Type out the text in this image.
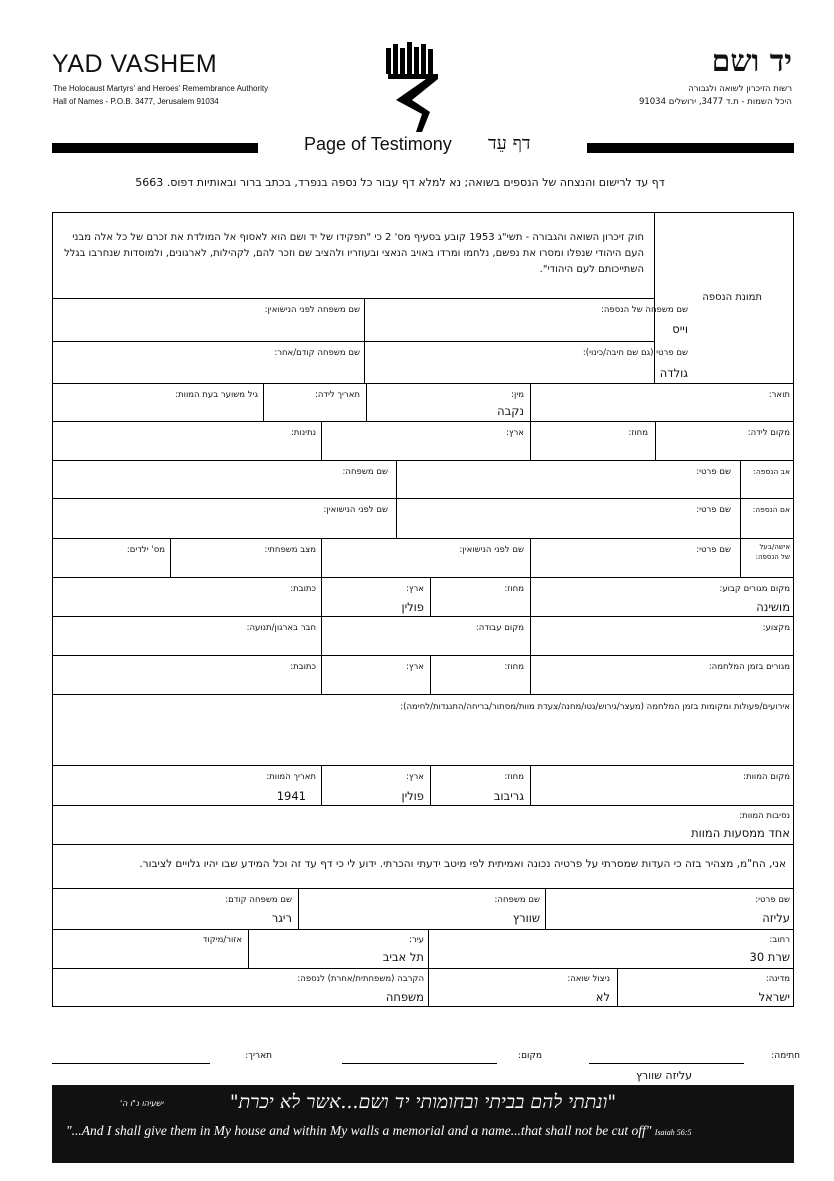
YAD VASHEM
The Holocaust Martyrs' and Heroes' Remembrance Authority
Hall of Names - P.O.B. 3477, Jerusalem 91034
יד ושם
רשות הזיכרון לשואה ולגבורה
היכל השמות - ת.ד 3477, ירושלים 91034
Page of Testimony דף עֵד
דף עד לרישום והנצחה של הנספים בשואה; נא למלא דף עבור כל נספה בנפרד, בכתב ברור ובאותיות דפוס. 5663
חוק זיכרון השואה והגבורה - תשי"ג 1953 קובע בסעיף מס' 2 כי "תפקידו של יד ושם הוא לאסוף אל המולדת את זכרם של כל אלה מבני העם היהודי שנפלו ומסרו את נפשם, נלחמו ומרדו באויב הנאצי ובעוזריו ולהציב שם וזכר להם, לקהילות, לארגונים, ולמוסדות שנחרבו בגלל השתייכותם לעם היהודי".
תמונת הנספה
שם משפחה של הנספה:
וייס
שם משפחה לפני הנישואין:
שם פרטי (גם שם חיבה/כינוי):
גולדה
שם משפחה קודם/אחר:
תואר:
מין:
נקבה
תאריך לידה:
גיל משוער בעת המוות:
מקום לידה:
מחוז:
ארץ:
נתינות:
אב הנספה:
שם פרטי:
שם משפחה:
אם הנספה:
שם פרטי:
שם לפני הנישואין:
אישה/בעל
של הנספה:
שם פרטי:
שם לפני הנישואין:
מצב משפחתי:
מס' ילדים:
מקום מגורים קבוע:
מושינה
מחוז:
ארץ:
פולין
כתובת:
מקצוע:
מקום עבודה:
חבר בארגון/תנועה:
מגורים בזמן המלחמה:
מחוז:
ארץ:
כתובת:
אירועים/פעולות ומקומות בזמן המלחמה (מעצר/גירוש/גטו/מחנה/צעדת מוות/מסתור/בריחה/התנגדות/לחימה):
מקום המוות:
מחוז:
גריבוב
ארץ:
פולין
תאריך המוות:
1941
נסיבות המוות:
אחד ממסעות המוות
אני, הח"מ, מצהיר בזה כי העדות שמסרתי על פרטיה נכונה ואמיתית לפי מיטב ידעתי והכרתי. ידוע לי כי דף עד זה וכל המידע שבו יהיו גלויים לציבור.
שם פרטי:
עליזה
שם משפחה:
שוורץ
שם משפחה קודם:
ריגר
רחוב:
שרת 30
עיר:
תל אביב
אזור/מיקוד
מדינה:
ישראל
ניצול שואה:
לא
הקרבה (משפחתית/אחרת) לנספה:
משפחה
חתימה:
עליזה שוורץ
מקום:
תאריך:
"ונתתי להם בביתי ובחומותי יד ושם...אשר לא יכרת"
ישעיהו נ"ו ה'
"...And I shall give them in My house and within My walls a memorial and a name...that shall not be cut off" Isaiah 56:5
